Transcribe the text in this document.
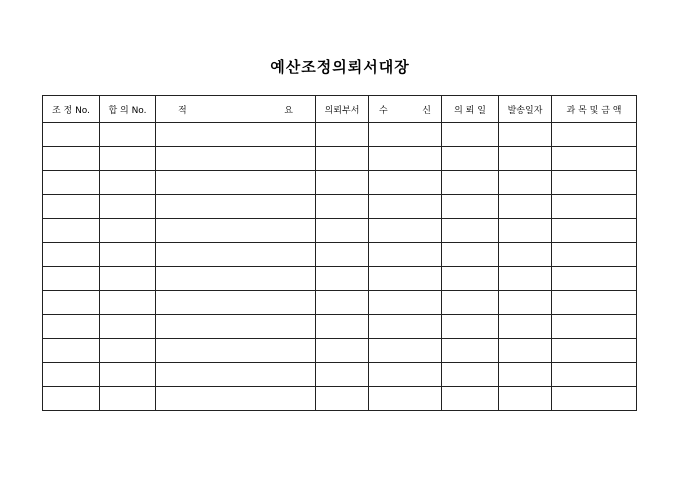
예산조정의뢰서대장
조 정 No.	합 의 No.	적 요	의뢰부서	수 신	의 뢰 일	발송일자	과 목 및 금 액
